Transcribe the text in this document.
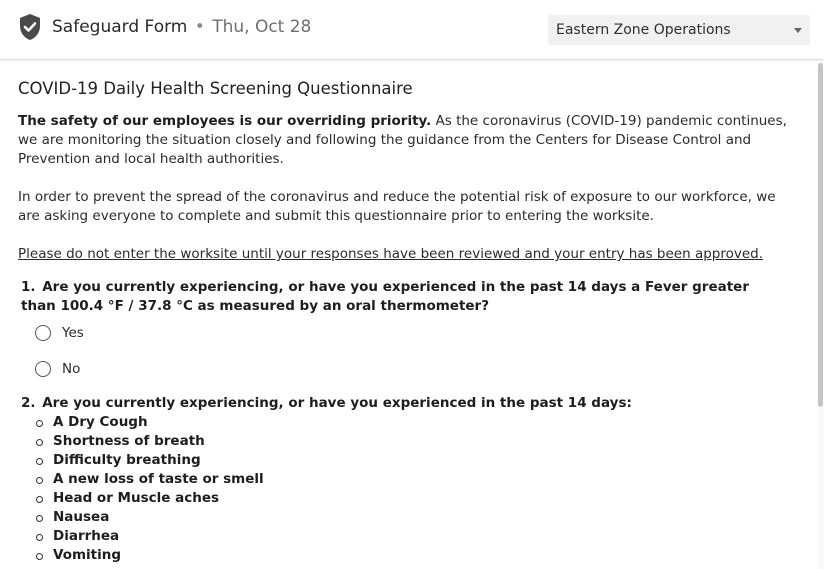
Safeguard Form • Thu, Oct 28	Eastern Zone Operations
COVID-19 Daily Health Screening Questionnaire

The safety of our employees is our overriding priority. As the coronavirus (COVID-19) pandemic continues, we are monitoring the situation closely and following the guidance from the Centers for Disease Control and Prevention and local health authorities.

In order to prevent the spread of the coronavirus and reduce the potential risk of exposure to our workforce, we are asking everyone to complete and submit this questionnaire prior to entering the worksite.

Please do not enter the worksite until your responses have been reviewed and your entry has been approved.

1. Are you currently experiencing, or have you experienced in the past 14 days a Fever greater than 100.4 °F / 37.8 °C as measured by an oral thermometer?
Yes
No
2. Are you currently experiencing, or have you experienced in the past 14 days:
A Dry Cough
Shortness of breath
Difficulty breathing
A new loss of taste or smell
Head or Muscle aches
Nausea
Diarrhea
Vomiting
